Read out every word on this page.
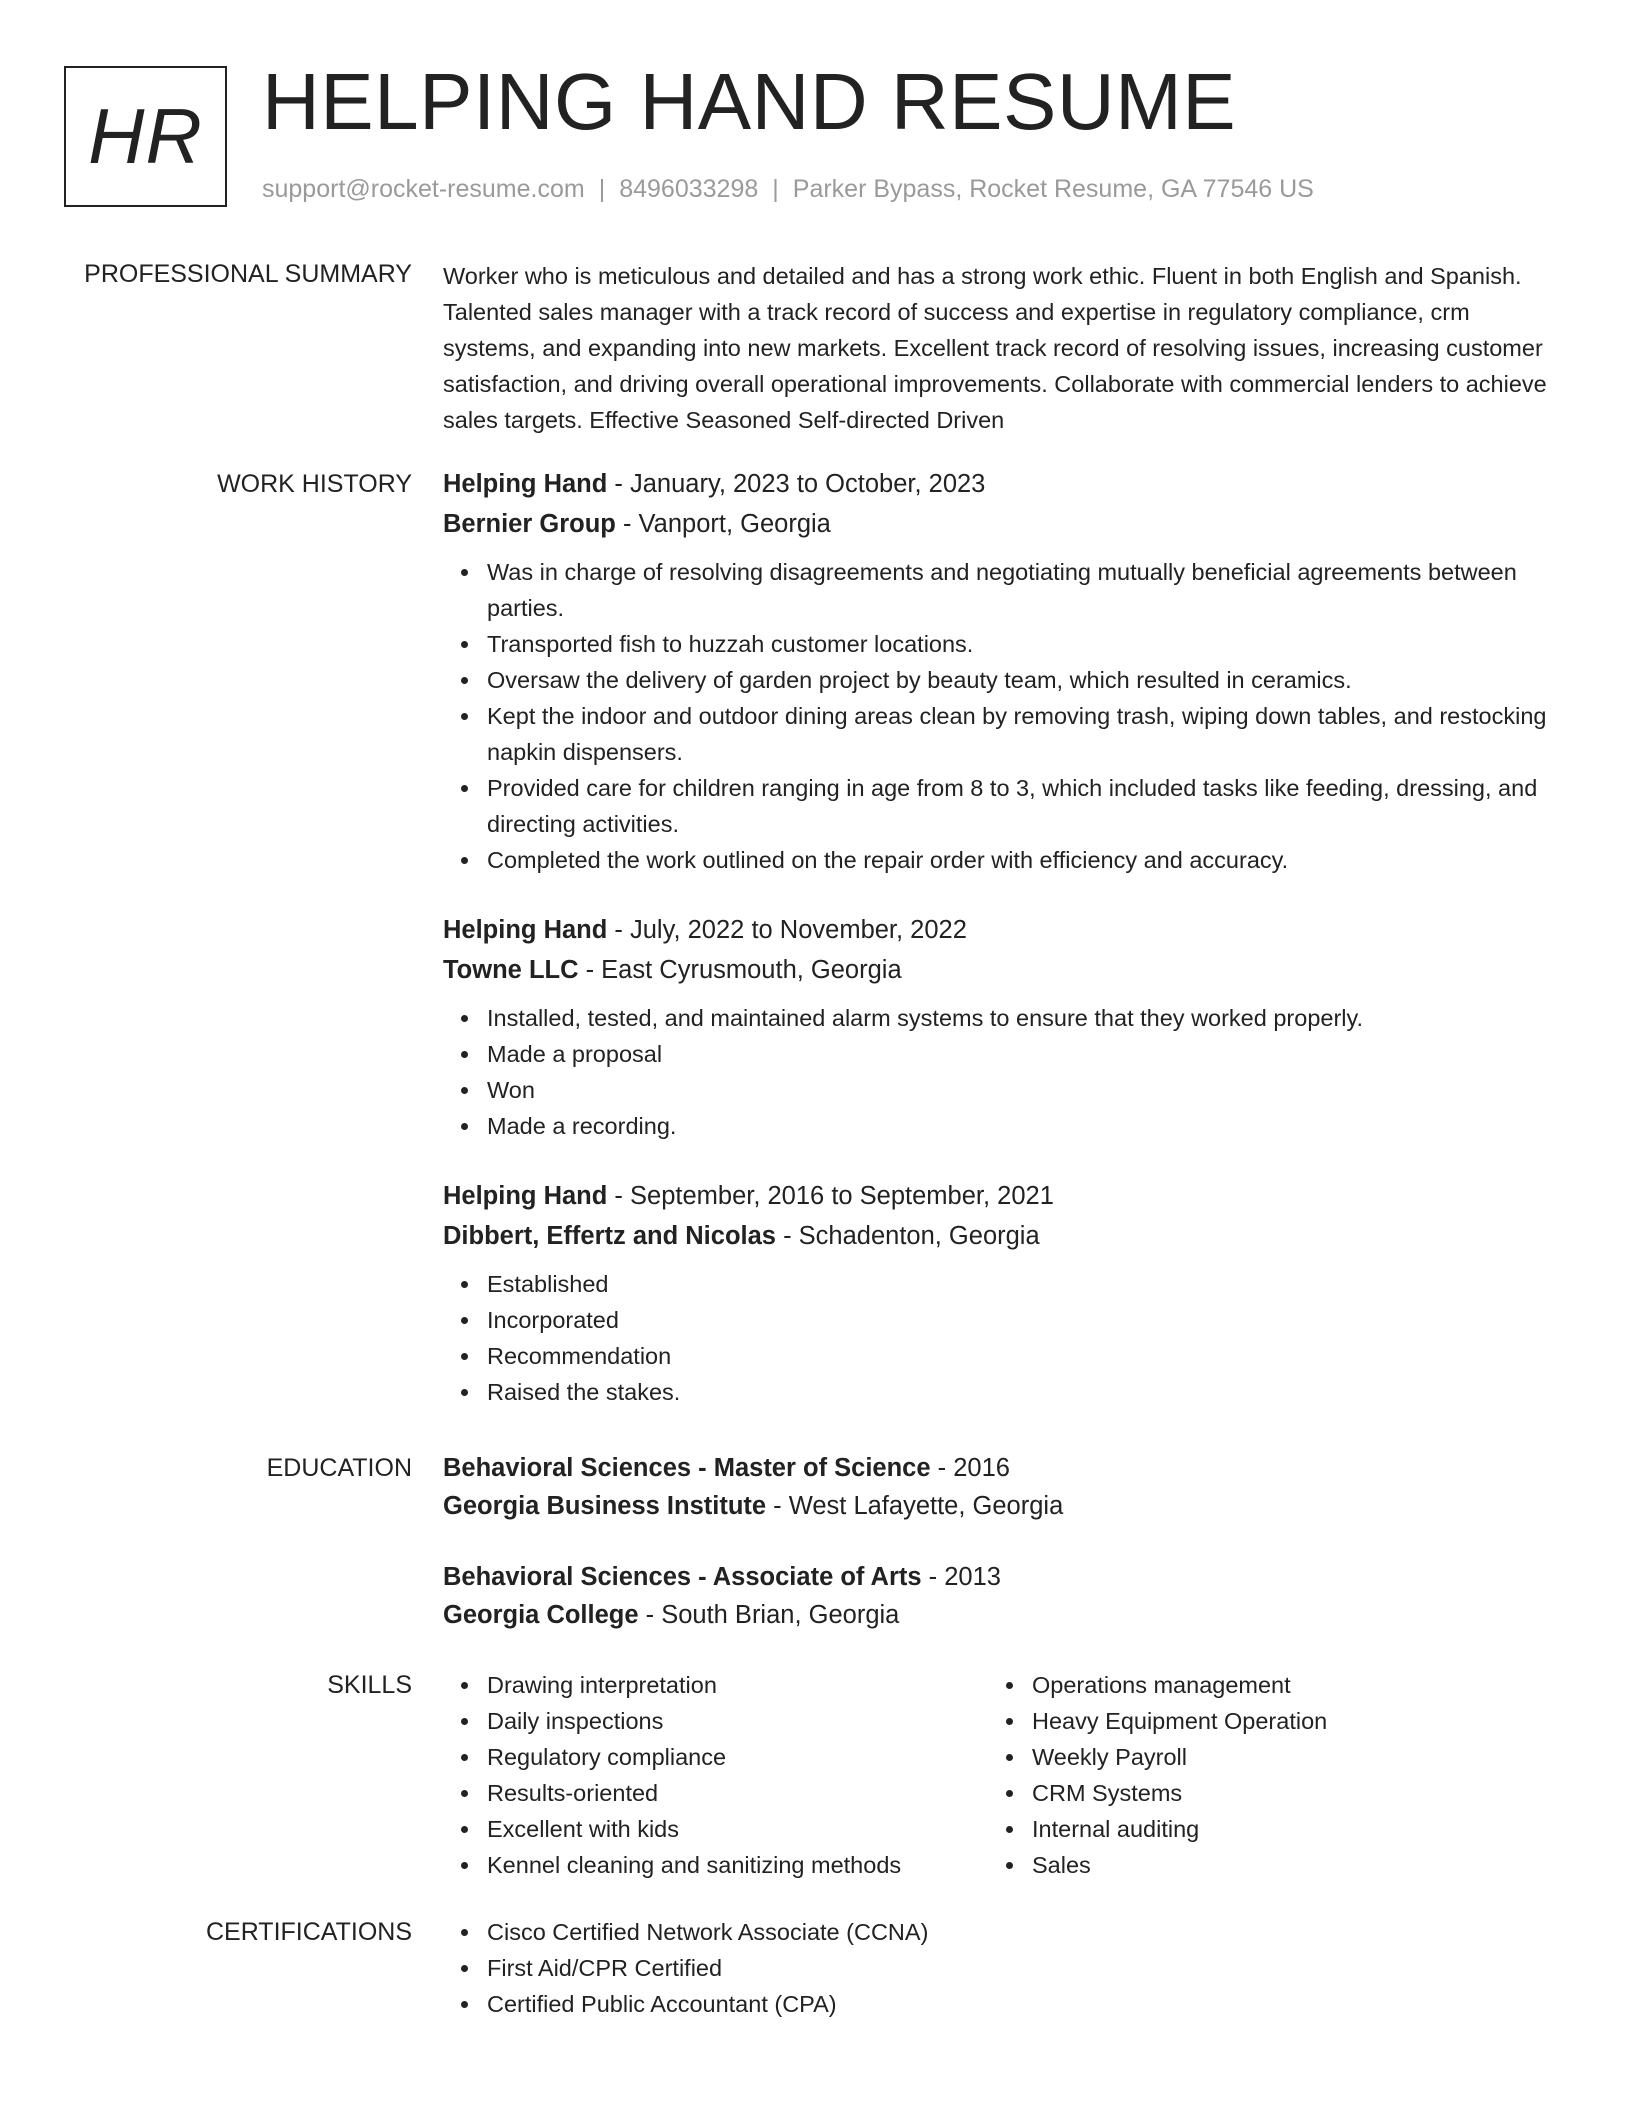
HR HELPING HAND RESUME
support@rocket-resume.com | 8496033298 | Parker Bypass, Rocket Resume, GA 77546 US
PROFESSIONAL SUMMARY Worker who is meticulous and detailed and has a strong work ethic. Fluent in both English and Spanish. Talented sales manager with a track record of success and expertise in regulatory compliance, crm systems, and expanding into new markets. Excellent track record of resolving issues, increasing customer satisfaction, and driving overall operational improvements. Collaborate with commercial lenders to achieve sales targets. Effective Seasoned Self-directed Driven

WORK HISTORY Helping Hand - January, 2023 to October, 2023
Bernier Group - Vanport, Georgia
Was in charge of resolving disagreements and negotiating mutually beneficial agreements between parties.
Transported fish to huzzah customer locations.
Oversaw the delivery of garden project by beauty team, which resulted in ceramics.
Kept the indoor and outdoor dining areas clean by removing trash, wiping down tables, and restocking napkin dispensers.
Provided care for children ranging in age from 8 to 3, which included tasks like feeding, dressing, and directing activities.
Completed the work outlined on the repair order with efficiency and accuracy.
Helping Hand - July, 2022 to November, 2022
Towne LLC - East Cyrusmouth, Georgia
Installed, tested, and maintained alarm systems to ensure that they worked properly.
Made a proposal
Won
Made a recording.
Helping Hand - September, 2016 to September, 2021
Dibbert, Effertz and Nicolas - Schadenton, Georgia
Established
Incorporated
Recommendation
Raised the stakes.
EDUCATION Behavioral Sciences - Master of Science - 2016
Georgia Business Institute - West Lafayette, Georgia
Behavioral Sciences - Associate of Arts - 2013
Georgia College - South Brian, Georgia
SKILLS	Drawing interpretation
Daily inspections
Regulatory compliance
Results-oriented
Excellent with kids
Kennel cleaning and sanitizing methods
Operations management
Heavy Equipment Operation
Weekly Payroll
CRM Systems
Internal auditing
Sales
CERTIFICATIONS	Cisco Certified Network Associate (CCNA)
First Aid/CPR Certified
Certified Public Accountant (CPA)
